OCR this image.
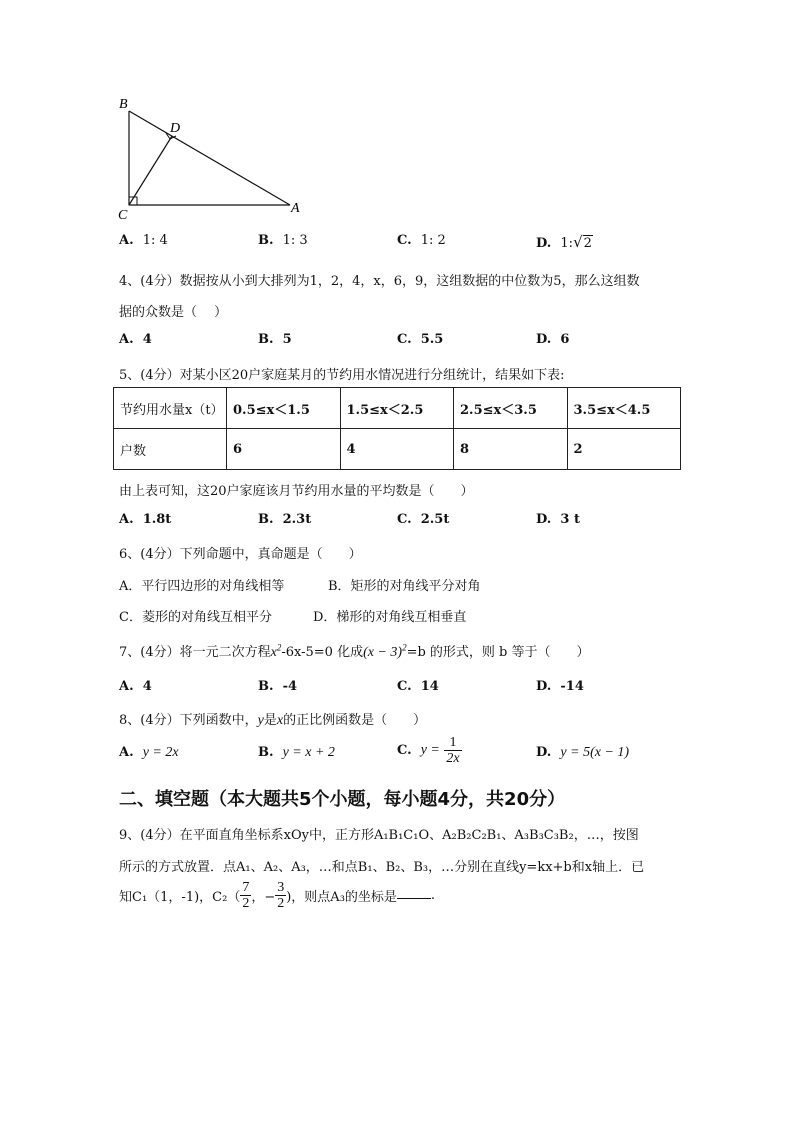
B
D
C	A
A. 1: 4	B. 1: 3	C. 1: 2	D. 1:√2
4、(4分）数据按从小到大排列为1，2，4，x，6，9，这组数据的中位数为5，那么这组数
据的众数是（　 ）
A. 4	B. 5	C. 5.5	D. 6
5、(4分）对某小区20户家庭某月的节约用水情况进行分组统计，结果如下表:
节约用水量x（t）	0.5≤x＜1.5	1.5≤x＜2.5	2.5≤x＜3.5	3.5≤x＜4.5
户数	6	4	8	2
由上表可知，这20户家庭该月节约用水量的平均数是（　　）
A. 1.8t	B. 2.3t	C. 2.5t	D. 3 t
6、(4分）下列命题中，真命题是（　　）
A．平行四边形的对角线相等	B．矩形的对角线平分对角
C．菱形的对角线互相平分	D．梯形的对角线互相垂直
7、(4分）将一元二次方程$x^2-6x-5=0$ 化成$(x - 3)^2=b$ 的形式，则 b 等于（　　）
A. 4	B. -4	C. 14	D. -14
8、(4分）下列函数中，y是x的正比例函数是（　　）
A. y = 2x	B. y = x + 2	C. $y = \frac{1}{2x}$	D. y = 5(x − 1)
二、填空题（本大题共5个小题，每小题4分，共20分）
9、(4分）在平面直角坐标系xOy中，正方形A₁B₁C₁O、A₂B₂C₂B₁、A₃B₃C₃B₂，…，按图
所示的方式放置．点A₁、A₂、A₃，…和点B₁、B₂、B₃，…分别在直线y=kx+b和x轴上．已
知C₁（1，-1)，$C_2( \frac{7}{2}$ ，− $\frac{3}{2}$ )，则点A₃的坐标是	.
